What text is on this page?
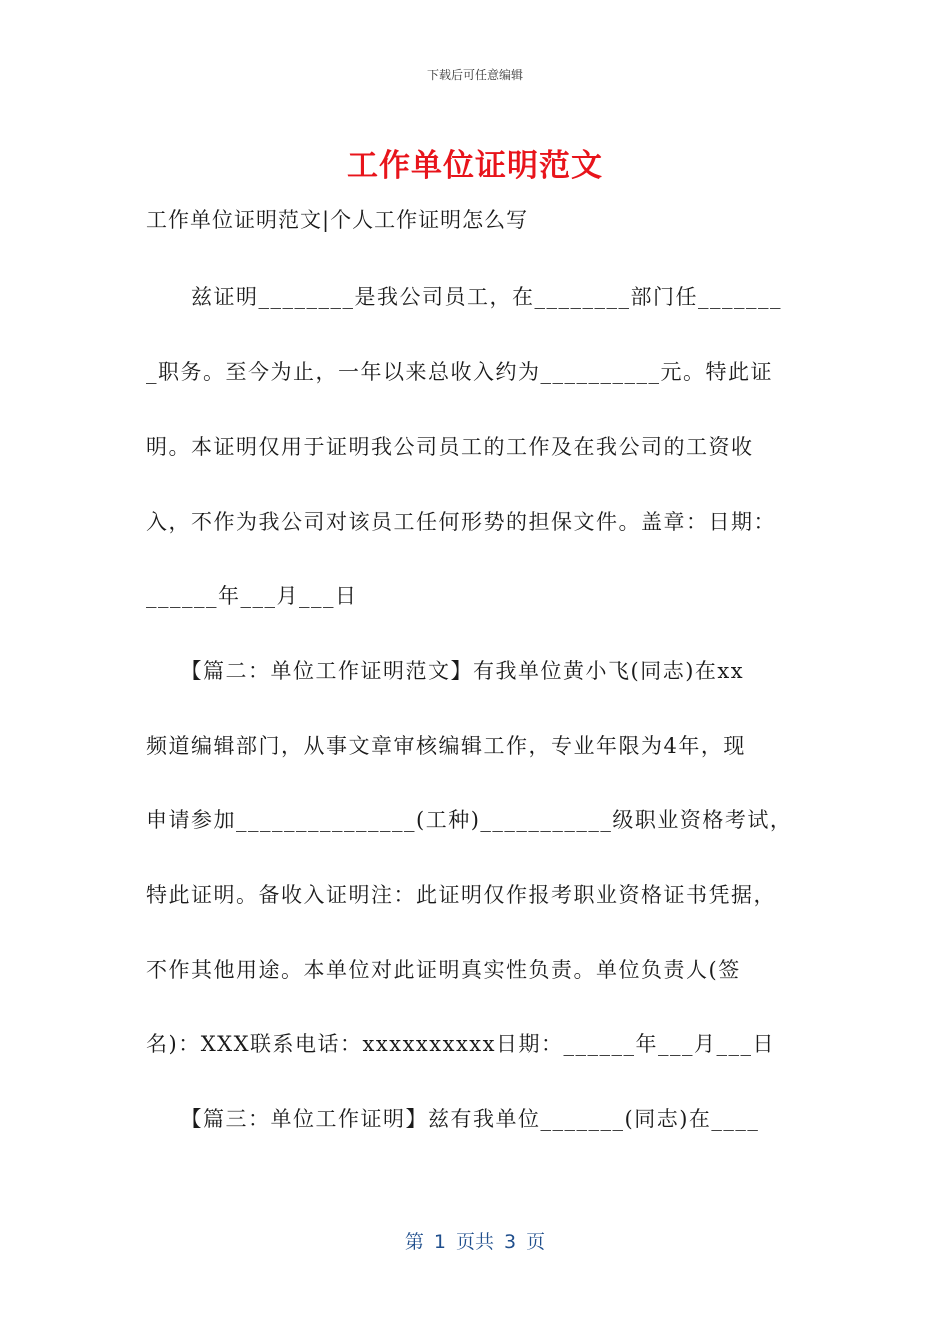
下载后可任意编辑
工作单位证明范文
工作单位证明范文|个人工作证明怎么写
　　兹证明________是我公司员工，在________部门任_______
_职务。至今为止，一年以来总收入约为__________元。特此证
明。本证明仅用于证明我公司员工的工作及在我公司的工资收
入，不作为我公司对该员工任何形势的担保文件。盖章：日期：
______年___月___日
　　【篇二：单位工作证明范文】有我单位黄小飞(同志)在xx
频道编辑部门，从事文章审核编辑工作，专业年限为4年，现
申请参加_______________(工种)___________级职业资格考试，
特此证明。备收入证明注：此证明仅作报考职业资格证书凭据，
不作其他用途。本单位对此证明真实性负责。单位负责人(签
名)：XXX联系电话：xxxxxxxxxx日期：______年___月___日
　　【篇三：单位工作证明】兹有我单位_______(同志)在____
第 1 页共 3 页
